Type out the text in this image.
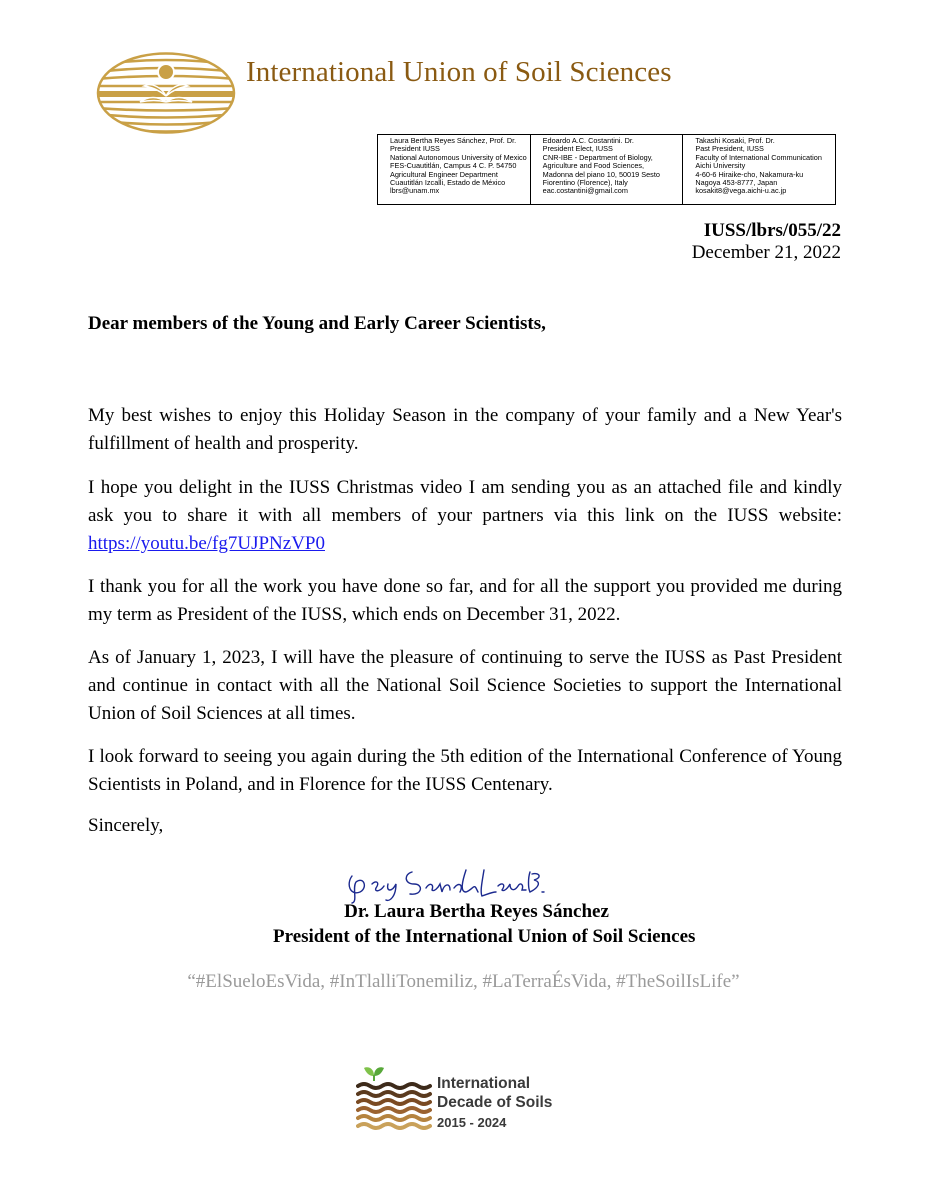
International Union of Soil Sciences
Laura Bertha Reyes Sánchez, Prof. Dr.
President IUSS
National Autonomous University of Mexico
FES-Cuautitlán, Campus 4 C. P. 54750
Agricultural Engineer Department
Cuautitlán Izcalli, Estado de México
lbrs@unam.mx
Edoardo A.C. Costantini. Dr.
President Elect, IUSS
CNR-IBE - Department of Biology,
Agriculture and Food Sciences,
Madonna del piano 10, 50019 Sesto
Fiorentino (Florence), Italy
eac.costantini@gmail.com
Takashi Kosaki, Prof. Dr.
Past President, IUSS
Faculty of International Communication
Aichi University
4-60-6 Hiraike-cho, Nakamura-ku
Nagoya 453-8777, Japan
kosakit8@vega.aichi-u.ac.jp
IUSS/lbrs/055/22
December 21, 2022
Dear members of the Young and Early Career Scientists,
My best wishes to enjoy this Holiday Season in the company of your family and a New Year's fulfillment of health and prosperity.
I hope you delight in the IUSS Christmas video I am sending you as an attached file and kindly ask you to share it with all members of your partners via this link on the IUSS website: https://youtu.be/fg7UJPNzVP0
I thank you for all the work you have done so far, and for all the support you provided me during my term as President of the IUSS, which ends on December 31, 2022.
As of January 1, 2023, I will have the pleasure of continuing to serve the IUSS as Past President and continue in contact with all the National Soil Science Societies to support the International Union of Soil Sciences at all times.
I look forward to seeing you again during the 5th edition of the International Conference of Young Scientists in Poland, and in Florence for the IUSS Centenary.
Sincerely,
Dr. Laura Bertha Reyes Sánchez
President of the International Union of Soil Sciences
“#ElSueloEsVida, #InTlalliTonemiliz, #LaTerraÉsVida, #TheSoilIsLife”
International
Decade of Soils
2015 - 2024
